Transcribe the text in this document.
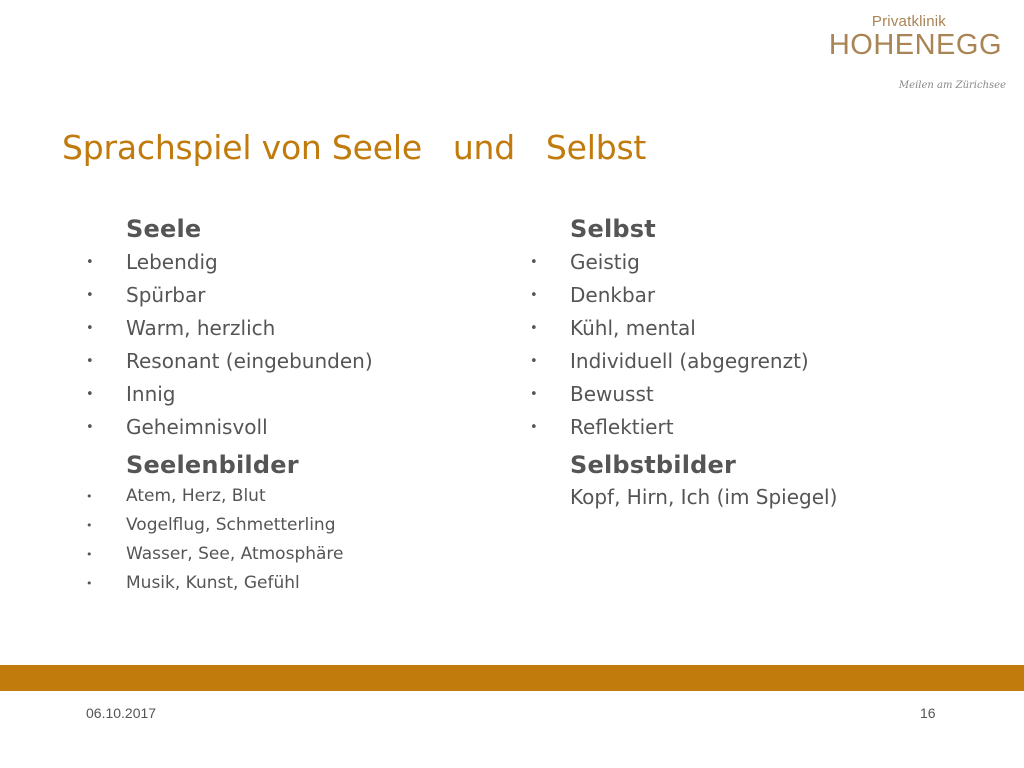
Privatklinik
HOHENEGG
Meilen am Zürichsee
Sprachspiel von Seele   und   Selbst
Seele
• Lebendig
• Spürbar
• Warm, herzlich
• Resonant (eingebunden)
• Innig
• Geheimnisvoll
Seelenbilder
• Atem, Herz, Blut
• Vogelflug, Schmetterling
• Wasser, See, Atmosphäre
• Musik, Kunst, Gefühl
Selbst
• Geistig
• Denkbar
• Kühl, mental
• Individuell (abgegrenzt)
• Bewusst
• Reflektiert
Selbstbilder
Kopf, Hirn, Ich (im Spiegel)
06.10.2017	16
